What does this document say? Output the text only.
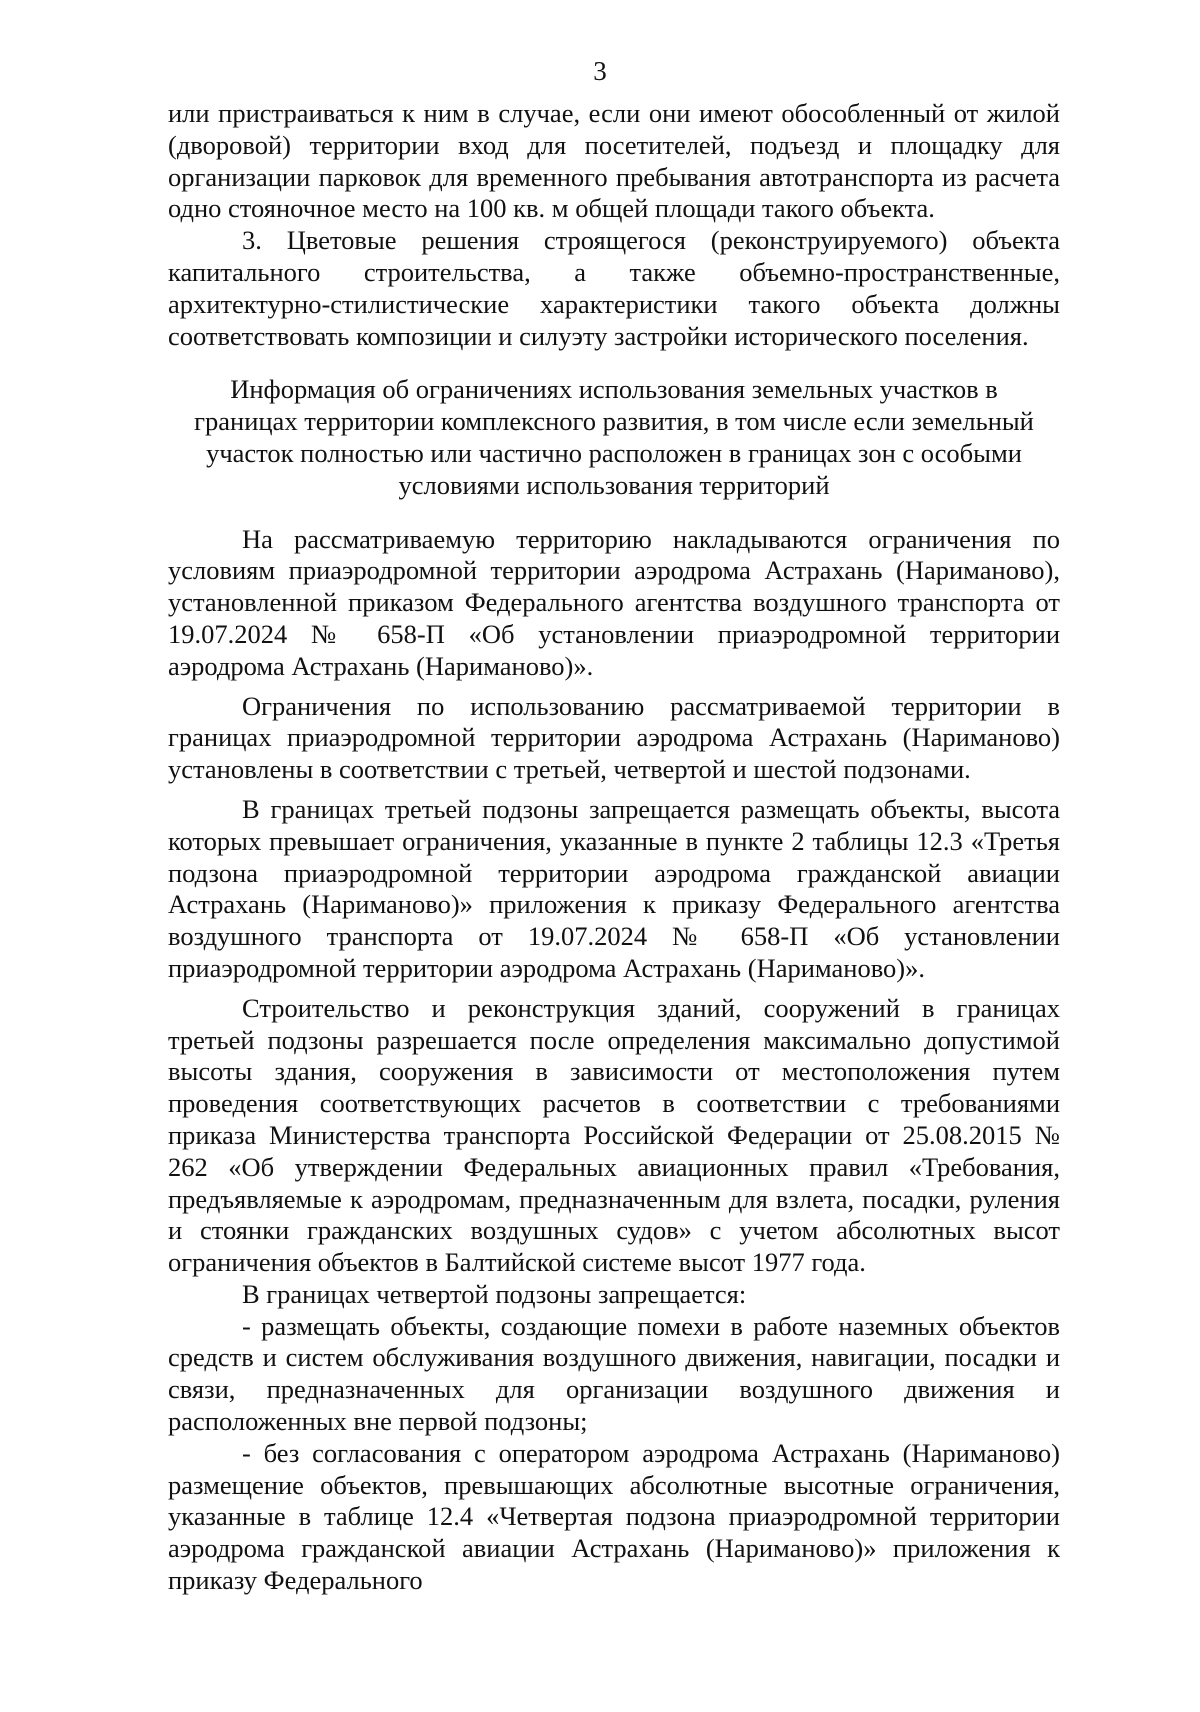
3

или пристраиваться к ним в случае, если они имеют обособленный от жилой (дворовой) территории вход для посетителей, подъезд и площадку для организации парковок для временного пребывания автотранспорта из расчета одно стояночное место на 100 кв. м общей площади такого объекта.

3. Цветовые решения строящегося (реконструируемого) объекта капитального строительства, а также объемно-пространственные, архитектурно-стилистические характеристики такого объекта должны соответствовать композиции и силуэту застройки исторического поселения.

Информация об ограничениях использования земельных участков в границах территории комплексного развития, в том числе если земельный участок полностью или частично расположен в границах зон с особыми условиями использования территорий

На рассматриваемую территорию накладываются ограничения по условиям приаэродромной территории аэродрома Астрахань (Нариманово), установленной приказом Федерального агентства воздушного транспорта от 19.07.2024 № 658-П «Об установлении приаэродромной территории аэродрома Астрахань (Нариманово)».

Ограничения по использованию рассматриваемой территории в границах приаэродромной территории аэродрома Астрахань (Нариманово) установлены в соответствии с третьей, четвертой и шестой подзонами.

В границах третьей подзоны запрещается размещать объекты, высота которых превышает ограничения, указанные в пункте 2 таблицы 12.3 «Третья подзона приаэродромной территории аэродрома гражданской авиации Астрахань (Нариманово)» приложения к приказу Федерального агентства воздушного транспорта от 19.07.2024 № 658-П «Об установлении приаэродромной территории аэродрома Астрахань (Нариманово)».

Строительство и реконструкция зданий, сооружений в границах третьей подзоны разрешается после определения максимально допустимой высоты здания, сооружения в зависимости от местоположения путем проведения соответствующих расчетов в соответствии с требованиями приказа Министерства транспорта Российской Федерации от 25.08.2015 № 262 «Об утверждении Федеральных авиационных правил «Требования, предъявляемые к аэродромам, предназначенным для взлета, посадки, руления и стоянки гражданских воздушных судов» с учетом абсолютных высот ограничения объектов в Балтийской системе высот 1977 года.

В границах четвертой подзоны запрещается:

- размещать объекты, создающие помехи в работе наземных объектов средств и систем обслуживания воздушного движения, навигации, посадки и связи, предназначенных для организации воздушного движения и расположенных вне первой подзоны;

- без согласования с оператором аэродрома Астрахань (Нариманово) размещение объектов, превышающих абсолютные высотные ограничения, указанные в таблице 12.4 «Четвертая подзона приаэродромной территории аэродрома гражданской авиации Астрахань (Нариманово)» приложения к приказу Федерального
